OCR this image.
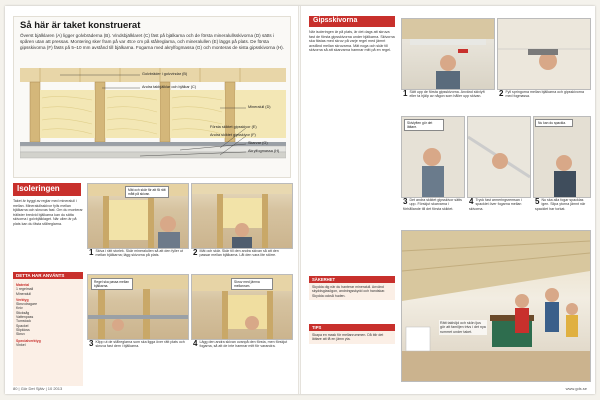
Så här är taket konstruerat
Överst bjälklaren (A) ligger golvbräderna (B). Vindsbjälklaret (C) fäst på bjälkarna och de första mineralullsskivorna (D) sätts i spåren utan att pressas. Montering sker fram på var 45:e cm på stålreglarna, och mineralullen (E) läggs på plats. De första gipsskivorna (F) fästs på 5–10 mm avstånd till bjälkarna. Fogarna med akrylfogmassa (G) och monteras de sista gipsskivorna (H).
Golvbräder i golvvindar (B)
Andra takbjälklar och bjälkar (C)
Mineralull (D)
Första skiktet gipsskivor (E)
Andra skiktet gipsskivor (F)
Skarvar (G)
Akrylfogmassa (H)
Isoleringen
Taket är byggt av reglar med mineralull i mellan. Mineralullsskivor fylls mellan bjälkarna och skruvas fast. Om du monterar trälister bredvid bjälkarna kan du sätta skivorna i golvbjälklaget. När ullen är på plats kan du fästa stålreglarna.
DETTA HAR ANVÄNTS
Material
1 regelmall
Mineralull
Verktyg
Skruvdragare
Kniv
Sticksåg
Vattenpass
Tumstock
Spackel
Slipkloss
Skruv
Specialverktyg
Vinkel
Mät och skär för att få rätt mått på skivan.
1 Skiva i rätt storlek. Skär mineralullen så att den fyller ut mellan bjälkarna; lägg skivorna på plats.	2 Mät och skär. Skär till den andra skivan så att den passar mellan bjälkarna. Låt den vara lite större.
Regel ska passa mellan bjälkarna.
3 Klipp ut de stålreglarna som ska ligga över rätt plats och skruva fast dem i bjälkarna.
Skruv med jämna mellanrum.
4 Lägg den andra skivan ovanpå den första, men förskjut fogarna, så att de inte hamnar mitt för varandra.
80 | Gör Det Själv | 10 2013
Gipsskivorna
När isoleringen är på plats, är det dags att skruva fast de första gipsskivorna under bjälkarna. Skivorna ska fästas med skruv på varje regel med jämnt avstånd mellan skruvarna. Mät noga och skär till skivorna så att skarvarna hamnar mitt på en regel.
1 Sätt upp de första gipsskivorna. Använd skivlyft eller ta hjälp av någon som håller upp skivan.	2 Fyll springorna mellan bjälkarna och gipsskivorna med fogmassa.
Skivlyften gör det lättare.
3 Det andra skiktet gipsskivor sätts upp. Förskjut skarvarna i förhållande till det första skiktet.
4 Tryck fast armeringsremsan i spacklet över fogarna mellan skivorna.
Nu kan du spackla.
5 Nu ska alla fogar spacklas igen. Slipa ytorna jämnt när spacklet har torkat.
SÄKERHET
Skydda dig när du hanterar mineralull. Använd skyddsglasögon, andningsskydd och handskar. Skydda också huden.
TIPS
Skapa en mask för mellanrummen. Då blir det lättare att få en jämn yta.
Rätt takhöjd och skön ljus gör att familjen trivs i det nya rummet under taket.
www.gds.se
